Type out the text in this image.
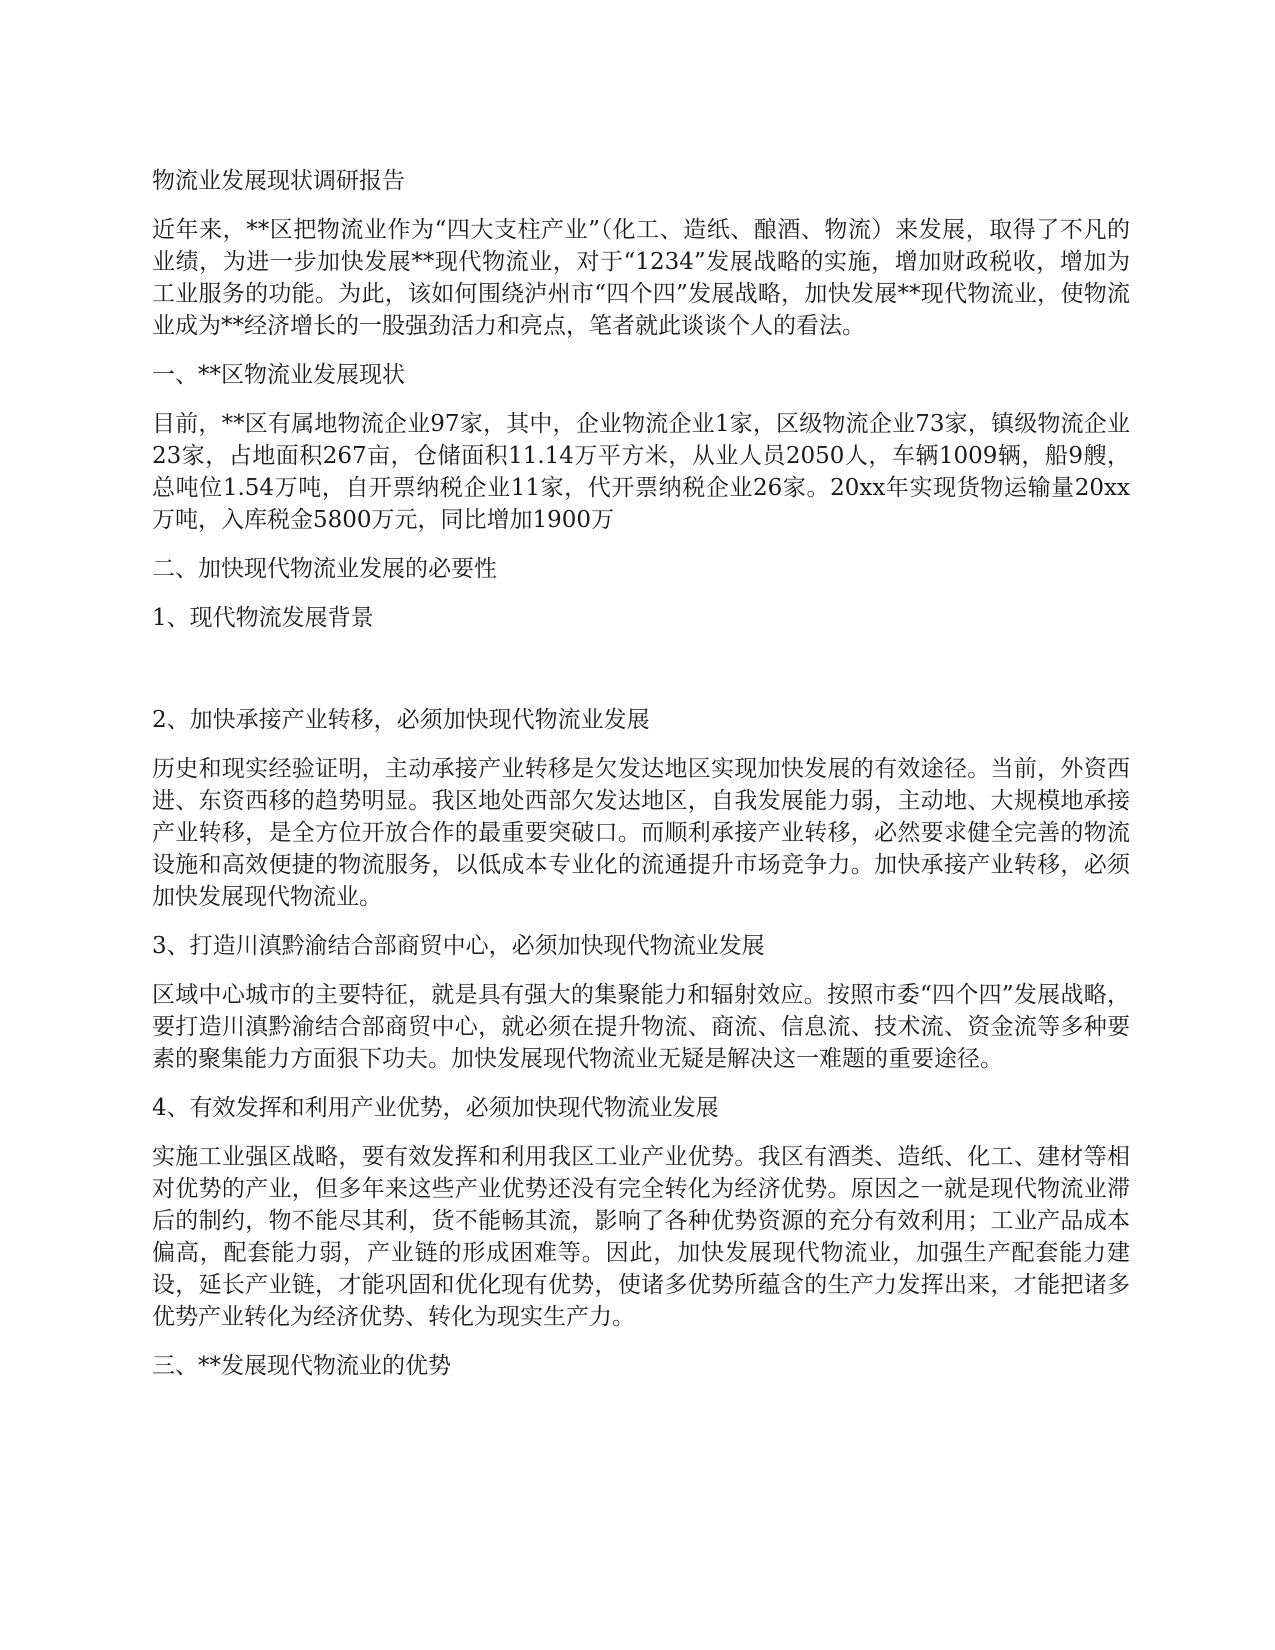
物流业发展现状调研报告

近年来，**区把物流业作为“四大支柱产业”（化工、造纸、酿酒、物流）来发展，取得了不凡的业绩，为进一步加快发展**现代物流业，对于“1234”发展战略的实施，增加财政税收，增加为工业服务的功能。为此，该如何围绕泸州市“四个四”发展战略，加快发展**现代物流业，使物流业成为**经济增长的一股强劲活力和亮点，笔者就此谈谈个人的看法。

一、**区物流业发展现状

目前，**区有属地物流企业97家，其中，企业物流企业1家，区级物流企业73家，镇级物流企业23家，占地面积267亩，仓储面积11.14万平方米，从业人员2050人，车辆1009辆，船9艘，总吨位1.54万吨，自开票纳税企业11家，代开票纳税企业26家。20xx年实现货物运输量20xx万吨，入库税金5800万元，同比增加1900万

二、加快现代物流业发展的必要性

1、现代物流发展背景

2、加快承接产业转移，必须加快现代物流业发展

历史和现实经验证明，主动承接产业转移是欠发达地区实现加快发展的有效途径。当前，外资西进、东资西移的趋势明显。我区地处西部欠发达地区，自我发展能力弱，主动地、大规模地承接产业转移，是全方位开放合作的最重要突破口。而顺利承接产业转移，必然要求健全完善的物流设施和高效便捷的物流服务，以低成本专业化的流通提升市场竞争力。加快承接产业转移，必须加快发展现代物流业。

3、打造川滇黔渝结合部商贸中心，必须加快现代物流业发展

区域中心城市的主要特征，就是具有强大的集聚能力和辐射效应。按照市委“四个四”发展战略，要打造川滇黔渝结合部商贸中心，就必须在提升物流、商流、信息流、技术流、资金流等多种要素的聚集能力方面狠下功夫。加快发展现代物流业无疑是解决这一难题的重要途径。

4、有效发挥和利用产业优势，必须加快现代物流业发展

实施工业强区战略，要有效发挥和利用我区工业产业优势。我区有酒类、造纸、化工、建材等相对优势的产业，但多年来这些产业优势还没有完全转化为经济优势。原因之一就是现代物流业滞后的制约，物不能尽其利，货不能畅其流，影响了各种优势资源的充分有效利用；工业产品成本偏高，配套能力弱，产业链的形成困难等。因此，加快发展现代物流业，加强生产配套能力建设，延长产业链，才能巩固和优化现有优势，使诸多优势所蕴含的生产力发挥出来，才能把诸多优势产业转化为经济优势、转化为现实生产力。

三、**发展现代物流业的优势
